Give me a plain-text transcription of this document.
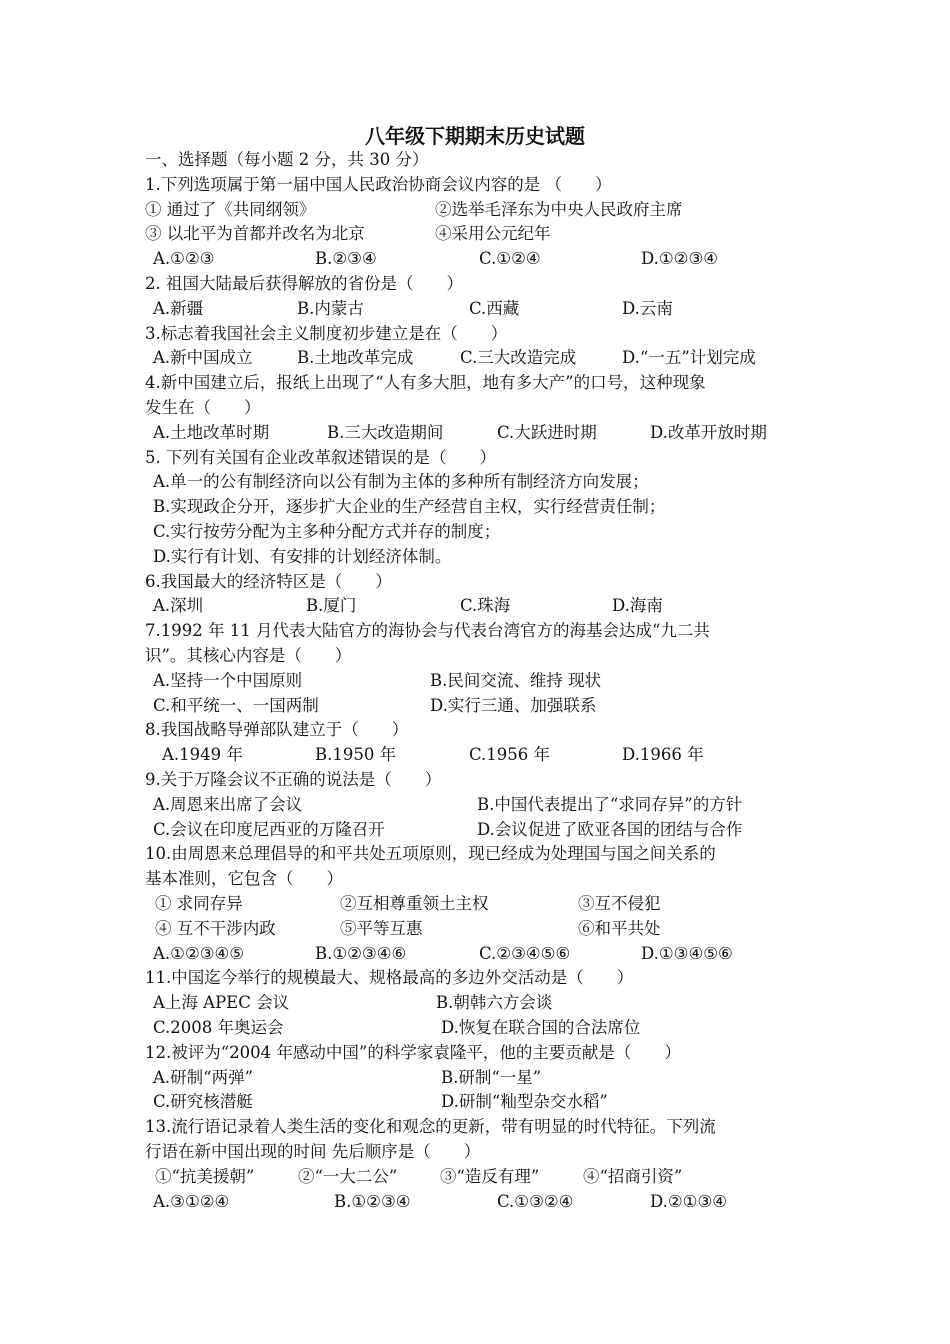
八年级下期期末历史试题
一、选择题（每小题 2 分，共 30 分）
1.下列选项属于第一届中国人民政治协商会议内容的是 （　　）
① 通过了《共同纲领》	②选举毛泽东为中央人民政府主席
③ 以北平为首都并改名为北京	④采用公元纪年
A.①②③	B.②③④	C.①②④	D.①②③④
2. 祖国大陆最后获得解放的省份是（　　）
A.新疆	B.内蒙古	C.西藏	D.云南
3.标志着我国社会主义制度初步建立是在（　　）
A.新中国成立	B.土地改革完成	C.三大改造完成	D.“一五”计划完成
4.新中国建立后，报纸上出现了“人有多大胆，地有多大产”的口号，这种现象
发生在（　　）
A.土地改革时期	B.三大改造期间	C.大跃进时期	D.改革开放时期
5. 下列有关国有企业改革叙述错误的是（　　）
A.单一的公有制经济向以公有制为主体的多种所有制经济方向发展；
B.实现政企分开，逐步扩大企业的生产经营自主权，实行经营责任制；
C.实行按劳分配为主多种分配方式并存的制度；
D.实行有计划、有安排的计划经济体制。
6.我国最大的经济特区是（　　）
A.深圳	B.厦门	C.珠海	D.海南
7.1992 年 11 月代表大陆官方的海协会与代表台湾官方的海基会达成“九二共
识”。其核心内容是（　　）
A.坚持一个中国原则	B.民间交流、维持 现状
C.和平统一、一国两制	D.实行三通、加强联系
8.我国战略导弹部队建立于（　　）
A.1949 年	B.1950 年	C.1956 年	D.1966 年
9.关于万隆会议不正确的说法是（　　）
A.周恩来出席了会议	B.中国代表提出了“求同存异”的方针
C.会议在印度尼西亚的万隆召开	D.会议促进了欧亚各国的团结与合作
10.由周恩来总理倡导的和平共处五项原则，现已经成为处理国与国之间关系的
基本准则，它包含（　　）
① 求同存异	②互相尊重领土主权	③互不侵犯
④ 互不干涉内政	⑤平等互惠	⑥和平共处
A.①②③④⑤	B.①②③④⑥	C.②③④⑤⑥	D.①③④⑤⑥
11.中国迄今举行的规模最大、规格最高的多边外交活动是（　　）
A上海 APEC 会议	B.朝韩六方会谈
C.2008 年奥运会	D.恢复在联合国的合法席位
12.被评为“2004 年感动中国”的科学家袁隆平，他的主要贡献是（　　）
A.研制“两弹”	B.研制“一星”
C.研究核潜艇	D.研制“籼型杂交水稻”
13.流行语记录着人类生活的变化和观念的更新，带有明显的时代特征。下列流
行语在新中国出现的时间 先后顺序是（　　）
①“抗美援朝”	②“一大二公”	③“造反有理”	④“招商引资”
A.③①②④	B.①②③④	C.①③②④	D.②①③④
